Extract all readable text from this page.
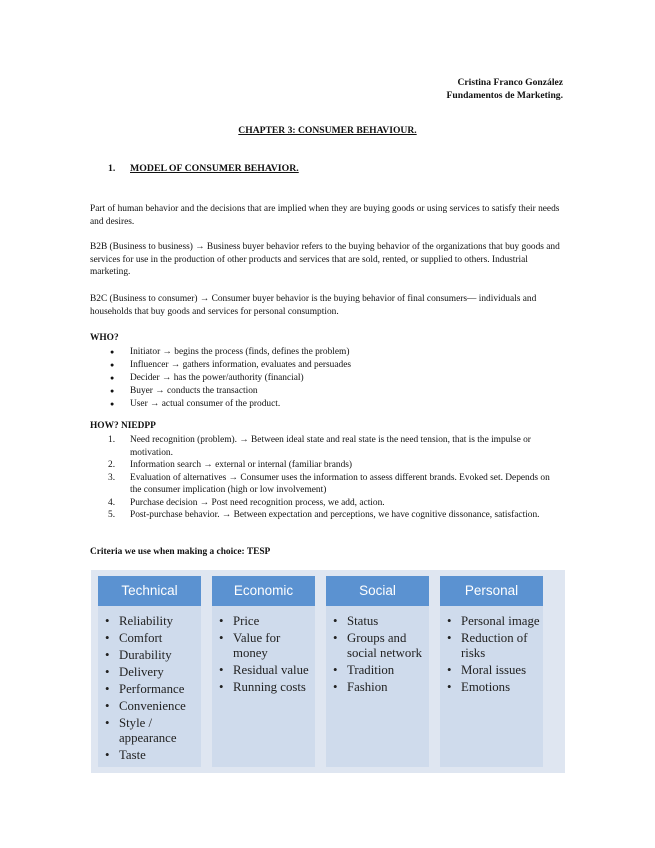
Cristina Franco González
Fundamentos de Marketing.
CHAPTER 3: CONSUMER BEHAVIOUR.
1. MODEL OF CONSUMER BEHAVIOR.
Part of human behavior and the decisions that are implied when they are buying goods or using services to satisfy their needs and desires.
B2B (Business to business) → Business buyer behavior refers to the buying behavior of the organizations that buy goods and services for use in the production of other products and services that are sold, rented, or supplied to others. Industrial marketing.
B2C (Business to consumer) → Consumer buyer behavior is the buying behavior of final consumers— individuals and households that buy goods and services for personal consumption.
WHO?
● Initiator → begins the process (finds, defines the problem)
● Influencer → gathers information, evaluates and persuades
● Decider → has the power/authority (financial)
● Buyer → conducts the transaction
● User → actual consumer of the product.
HOW? NIEDPP
1. Need recognition (problem). → Between ideal state and real state is the need tension, that is the impulse or motivation.
2. Information search → external or internal (familiar brands)
3. Evaluation of alternatives → Consumer uses the information to assess different brands. Evoked set. Depends on the consumer implication (high or low involvement)
4. Purchase decision → Post need recognition process, we add, action.
5. Post-purchase behavior. → Between expectation and perceptions, we have cognitive dissonance, satisfaction.
Criteria we use when making a choice: TESP
Technical
• Reliability
• Comfort
• Durability
• Delivery
• Performance
• Convenience
• Style / appearance
• Taste
Economic
• Price
• Value for money
• Residual value
• Running costs
Social
• Status
• Groups and social network
• Tradition
• Fashion
Personal
• Personal image
• Reduction of risks
• Moral issues
• Emotions
